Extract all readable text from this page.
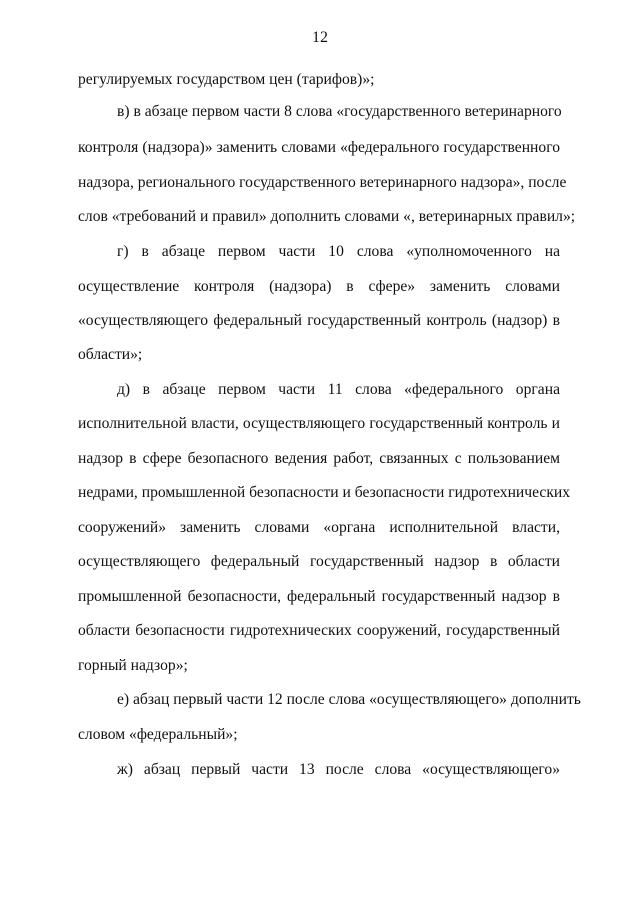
12
регулируемых государством цен (тарифов)»;
в) в абзаце первом части 8 слова «государственного ветеринарного
контроля (надзора)» заменить словами «федерального государственного
надзора, регионального государственного ветеринарного надзора», после
слов «требований и правил» дополнить словами «, ветеринарных правил»;
г) в абзаце первом части 10 слова «уполномоченного на
осуществление контроля (надзора) в сфере» заменить словами
«осуществляющего федеральный государственный контроль (надзор) в
области»;
д) в абзаце первом части 11 слова «федерального органа
исполнительной власти, осуществляющего государственный контроль и
надзор в сфере безопасного ведения работ, связанных с пользованием
недрами, промышленной безопасности и безопасности гидротехнических
сооружений» заменить словами «органа исполнительной власти,
осуществляющего федеральный государственный надзор в области
промышленной безопасности, федеральный государственный надзор в
области безопасности гидротехнических сооружений, государственный
горный надзор»;
е) абзац первый части 12 после слова «осуществляющего» дополнить
словом «федеральный»;
ж) абзац первый части 13 после слова «осуществляющего»
